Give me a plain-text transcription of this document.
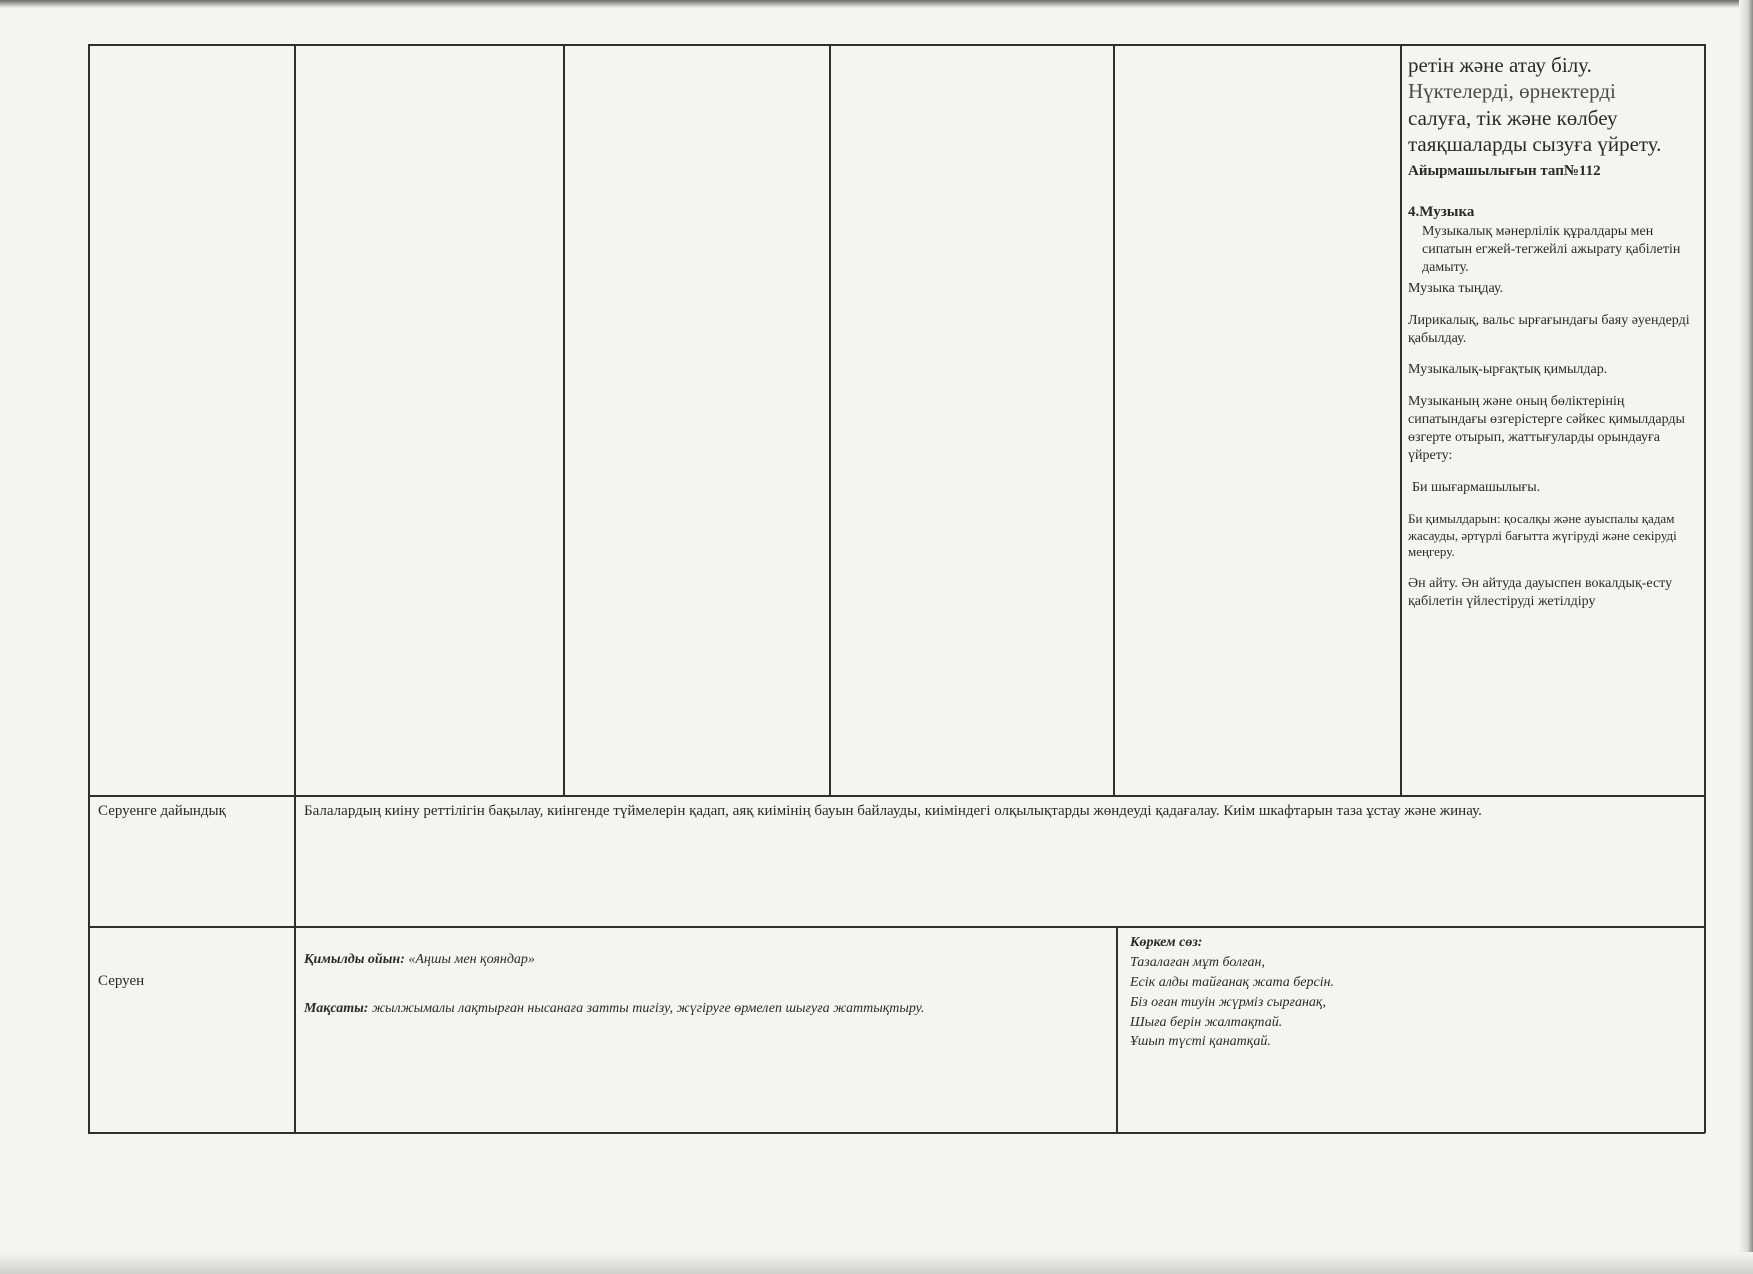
ретін және атау білу.
Нүктелерді, өрнектерді
салуға, тік және көлбеу
таяқшаларды сызуға үйрету.
Айырмашылығын тап№112
4.Музыка
Музыкалық мәнерлілік құралдары мен сипатын егжей-тегжейлі ажырату қабілетін дамыту.
Музыка тыңдау.
Лирикалық, вальс ырғағындағы баяу әуендерді қабылдау.
Музыкалық-ырғақтық қимылдар.
Музыканың және оның бөліктерінің сипатындағы өзгерістерге сәйкес қимылдарды өзгерте отырып, жаттығуларды орындауға үйрету:
Би шығармашылығы.
Би қимылдарын: қосалқы және ауыспалы қадам жасауды, әртүрлі бағытта жүгіруді және секіруді меңгеру.
Ән айту. Ән айтуда дауыспен вокалдық-есту қабілетін үйлестіруді жетілдіру
Серуенге дайындық	Балалардың киіну реттілігін бақылау, киінгенде түймелерін қадап, аяқ киімінің бауын байлауды, киіміндегі олқылықтарды жөндеуді қадағалау. Киім шкафтарын таза ұстау және жинау.
Серуен
Қимылды ойын: «Аңшы мен қояндар»
Мақсаты: жылжымалы лақтырған нысанаға затты тигізу, жүгіруге өрмелеп шығуға жаттықтыру.
Көркем сөз:
Тазалаған мұт болған,
Есік алды тайғанақ жата берсін.
Біз оған тиуін жүрміз сырғанақ,
Шыға берін жалтақтай.
Ұшып түсті қанатқай.
